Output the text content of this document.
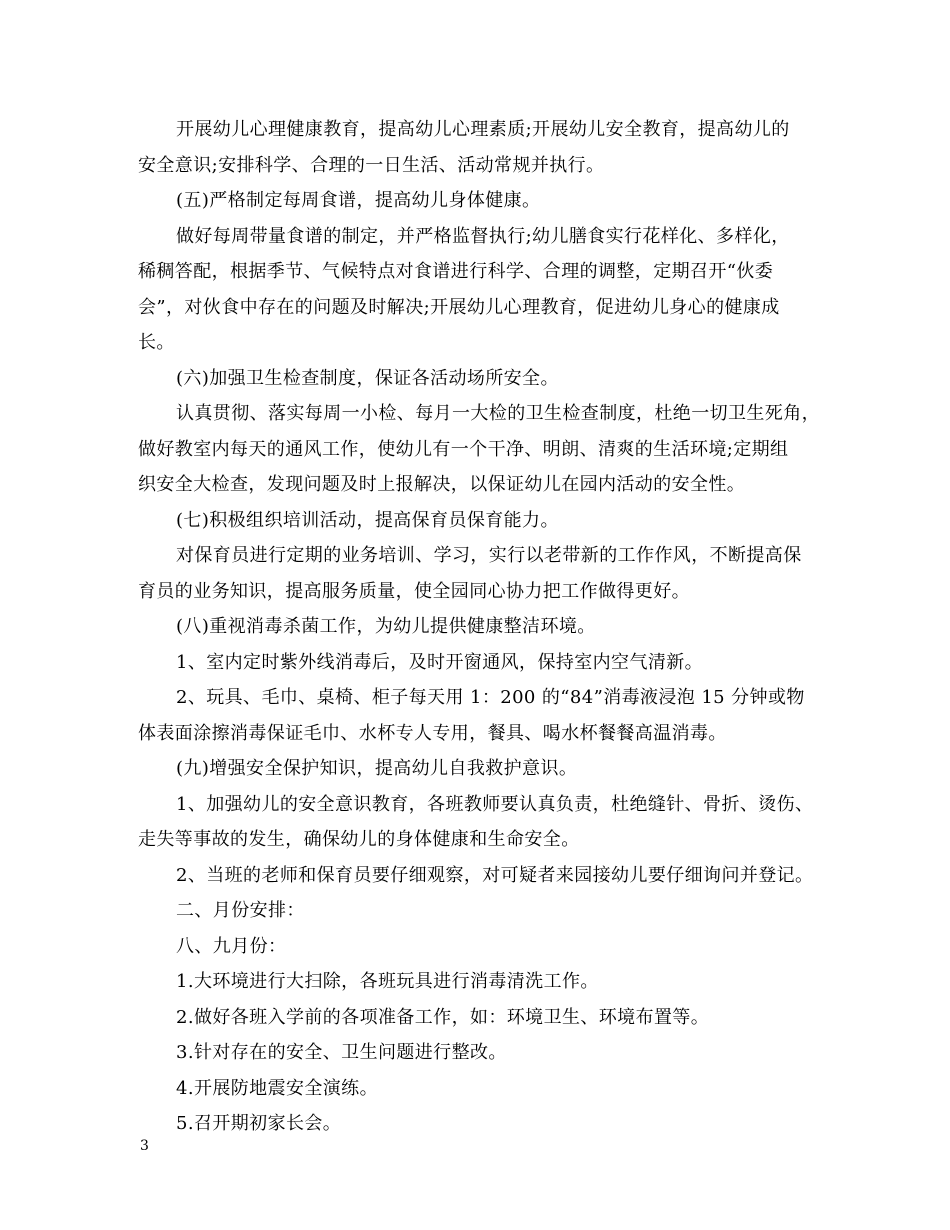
开展幼儿心理健康教育，提高幼儿心理素质;开展幼儿安全教育，提高幼儿的
安全意识;安排科学、合理的一日生活、活动常规并执行。
(五)严格制定每周食谱，提高幼儿身体健康。
做好每周带量食谱的制定，并严格监督执行;幼儿膳食实行花样化、多样化，
稀稠答配，根据季节、气候特点对食谱进行科学、合理的调整，定期召开“伙委
会”，对伙食中存在的问题及时解决;开展幼儿心理教育，促进幼儿身心的健康成
长。
(六)加强卫生检查制度，保证各活动场所安全。
认真贯彻、落实每周一小检、每月一大检的卫生检查制度，杜绝一切卫生死角，
做好教室内每天的通风工作，使幼儿有一个干净、明朗、清爽的生活环境;定期组
织安全大检查，发现问题及时上报解决，以保证幼儿在园内活动的安全性。
(七)积极组织培训活动，提高保育员保育能力。
对保育员进行定期的业务培训、学习，实行以老带新的工作作风，不断提高保
育员的业务知识，提高服务质量，使全园同心协力把工作做得更好。
(八)重视消毒杀菌工作，为幼儿提供健康整洁环境。
1、室内定时紫外线消毒后，及时开窗通风，保持室内空气清新。
2、玩具、毛巾、桌椅、柜子每天用 1：200 的“84”消毒液浸泡 15 分钟或物
体表面涂擦消毒保证毛巾、水杯专人专用，餐具、喝水杯餐餐高温消毒。
(九)增强安全保护知识，提高幼儿自我救护意识。
1、加强幼儿的安全意识教育，各班教师要认真负责，杜绝缝针、骨折、烫伤、
走失等事故的发生，确保幼儿的身体健康和生命安全。
2、当班的老师和保育员要仔细观察，对可疑者来园接幼儿要仔细询问并登记。
二、月份安排：
八、九月份：
1.大环境进行大扫除，各班玩具进行消毒清洗工作。
2.做好各班入学前的各项准备工作，如：环境卫生、环境布置等。
3.针对存在的安全、卫生问题进行整改。
4.开展防地震安全演练。
5.召开期初家长会。
3
